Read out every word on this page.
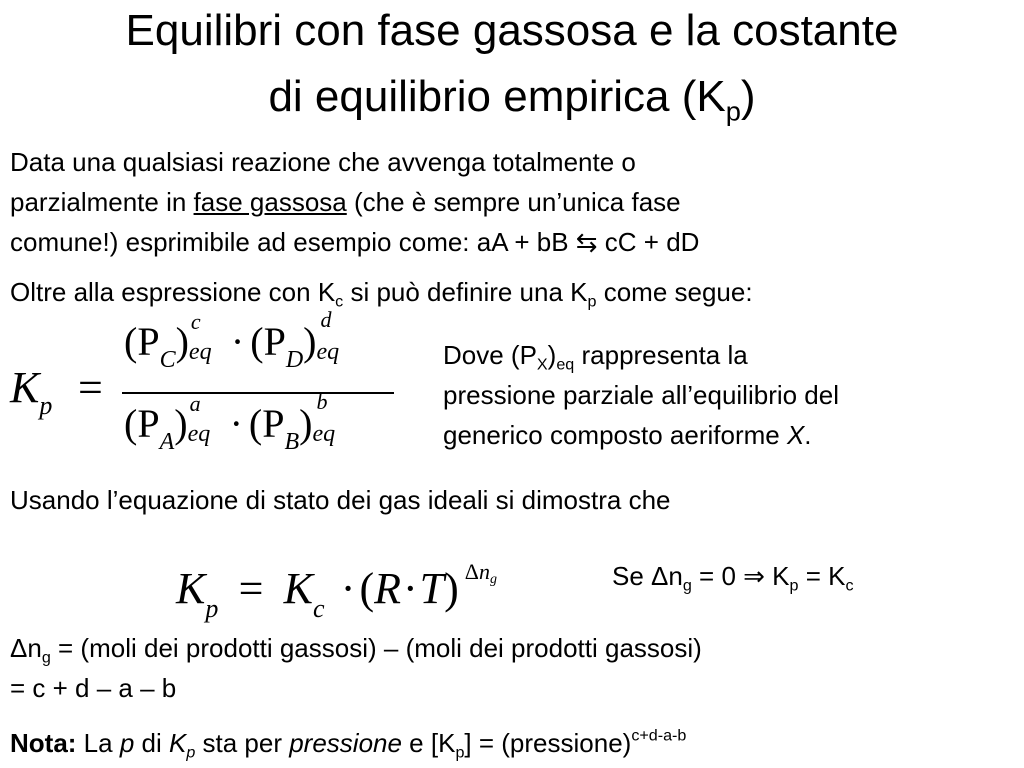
Equilibri con fase gassosa e la costante
di equilibrio empirica $(K_p)$
Data una qualsiasi reazione che avvenga totalmente o
parzialmente in fase gassosa (che è sempre un’unica fase
comune!) esprimibile ad esempio come: aA + bB ⇆ cC + dD
Oltre alla espressione con $K_c$ si può definire una $K_p$ come segue:
$K_p$ =
$(P_C)$ c
eq · $(P_D)$ d
eq
$(P_A)$ a
eq · $(P_B)$ b
eq
Dove $(P_X)_{eq}$ rappresenta la
pressione parziale all’equilibrio del
generico composto aeriforme X.
Usando l’equazione di stato dei gas ideali si dimostra che
$K_p = K_c \cdot(R\cdot T)$ $^{\Delta ng}$	Se $\Delta n_g = 0$ ⇒ $K_p = K_c$
$\Delta n_g$ = (moli dei prodotti gassosi) – (moli dei prodotti gassosi)
= c + d – a – b
Nota: La p di $K_p$ sta per pressione e $[K_p]$ = (pressione)$^{c+d-a-b}$
